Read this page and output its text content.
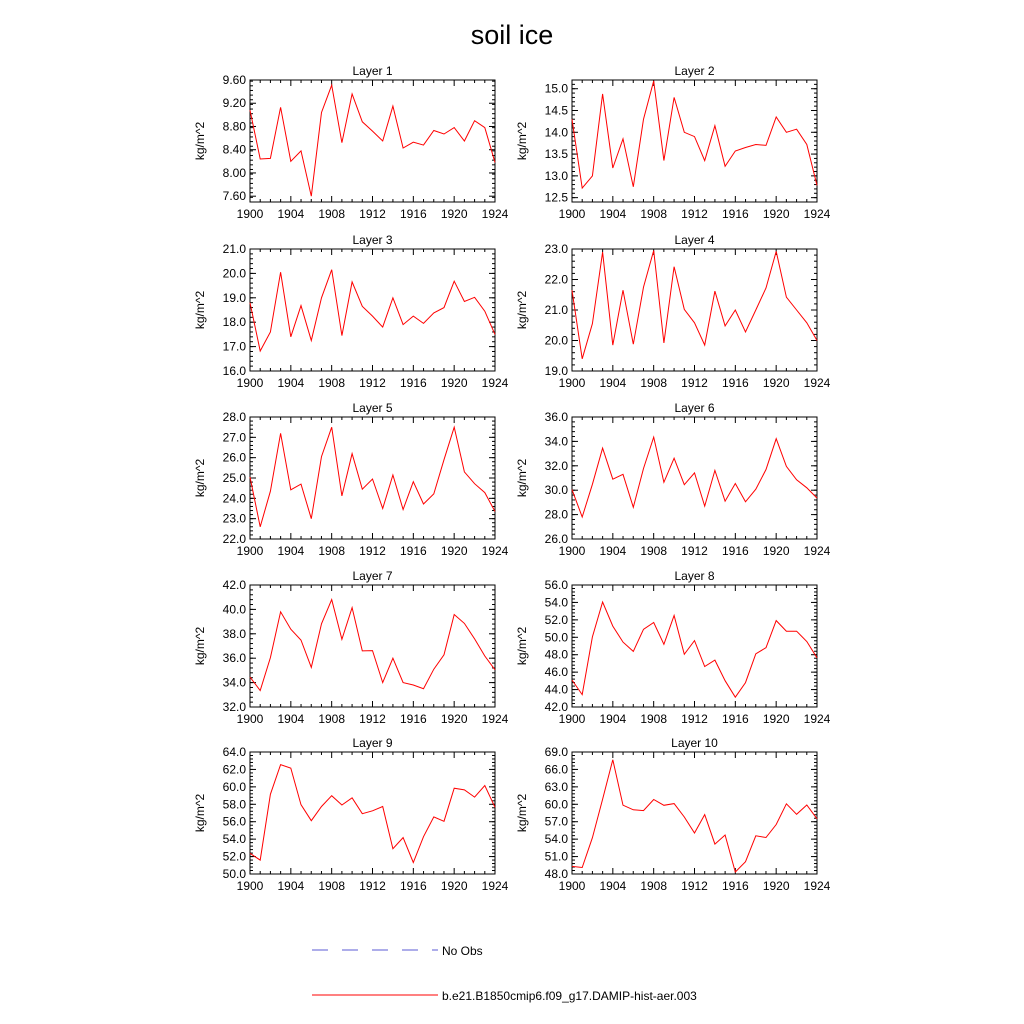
soil ice
Layer 1
1900 1904 1908 1912 1916 1920 1924
7.60
8.00
8.40
8.80
9.20
9.60
kg/m^2
Layer 2
1900 1904 1908 1912 1916 1920 1924
12.5
13.0
13.5
14.0
14.5
15.0
kg/m^2
Layer 3
1900 1904 1908 1912 1916 1920 1924
16.0
17.0
18.0
19.0
20.0
21.0
kg/m^2
Layer 4
1900 1904 1908 1912 1916 1920 1924
19.0
20.0
21.0
22.0
23.0
kg/m^2
Layer 5
1900 1904 1908 1912 1916 1920 1924
22.0
23.0
24.0
25.0
26.0
27.0
28.0
kg/m^2
Layer 6
1900 1904 1908 1912 1916 1920 1924
26.0
28.0
30.0
32.0
34.0
36.0
kg/m^2
Layer 7
1900 1904 1908 1912 1916 1920 1924
32.0
34.0
36.0
38.0
40.0
42.0
kg/m^2
Layer 8
1900 1904 1908 1912 1916 1920 1924
42.0
44.0
46.0
48.0
50.0
52.0
54.0
56.0
kg/m^2
Layer 9
1900 1904 1908 1912 1916 1920 1924
50.0
52.0
54.0
56.0
58.0
60.0
62.0
64.0
kg/m^2
Layer 10
1900 1904 1908 1912 1916 1920 1924
48.0
51.0
54.0
57.0
60.0
63.0
66.0
69.0
kg/m^2
No Obs
b.e21.B1850cmip6.f09_g17.DAMIP-hist-aer.003
